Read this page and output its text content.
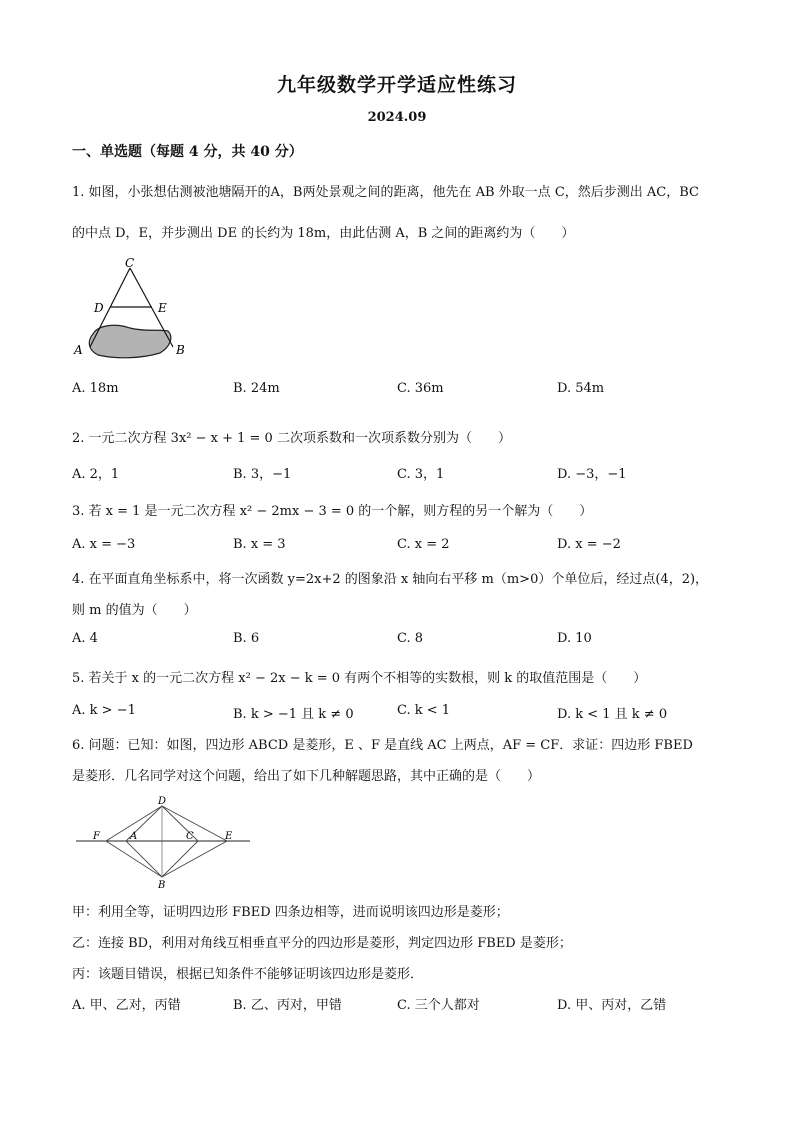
九年级数学开学适应性练习
2024.09
一、单选题（每题 4 分，共 40 分）
1. 如图，小张想估测被池塘隔开的A，B两处景观之间的距离，他先在 AB 外取一点 C，然后步测出 AC，BC
的中点 D，E，并步测出 DE 的长约为 18m，由此估测 A，B 之间的距离约为（　　）
C
D	E
A	B
A. 18m	B. 24m	C. 36m	D. 54m
2. 一元二次方程 3x² − x + 1 = 0 二次项系数和一次项系数分别为（　　）
A. 2，1	B. 3，−1	C. 3，1	D. −3，−1
3. 若 x = 1 是一元二次方程 x² − 2mx − 3 = 0 的一个解，则方程的另一个解为（　　）
A. x = −3	B. x = 3	C. x = 2	D. x = −2
4. 在平面直角坐标系中，将一次函数 y=2x+2 的图象沿 x 轴向右平移 m（m>0）个单位后，经过点(4，2)，
则 m 的值为（　　）
A. 4	B. 6	C. 8	D. 10
5. 若关于 x 的一元二次方程 x² − 2x − k = 0 有两个不相等的实数根，则 k 的取值范围是（　　）
A. k > −1	B. k > −1 且 k ≠ 0	C. k < 1	D. k < 1 且 k ≠ 0
6. 问题：已知：如图，四边形 ABCD 是菱形，E 、F 是直线 AC 上两点，AF = CF．求证：四边形 FBED
是菱形．几名同学对这个问题，给出了如下几种解题思路，其中正确的是（　　）
D
F	A	C	E
B
甲：利用全等，证明四边形 FBED 四条边相等，进而说明该四边形是菱形；
乙：连接 BD，利用对角线互相垂直平分的四边形是菱形，判定四边形 FBED 是菱形；
丙：该题目错误，根据已知条件不能够证明该四边形是菱形．
A. 甲、乙对，丙错	B. 乙、丙对，甲错	C. 三个人都对	D. 甲、丙对，乙错
